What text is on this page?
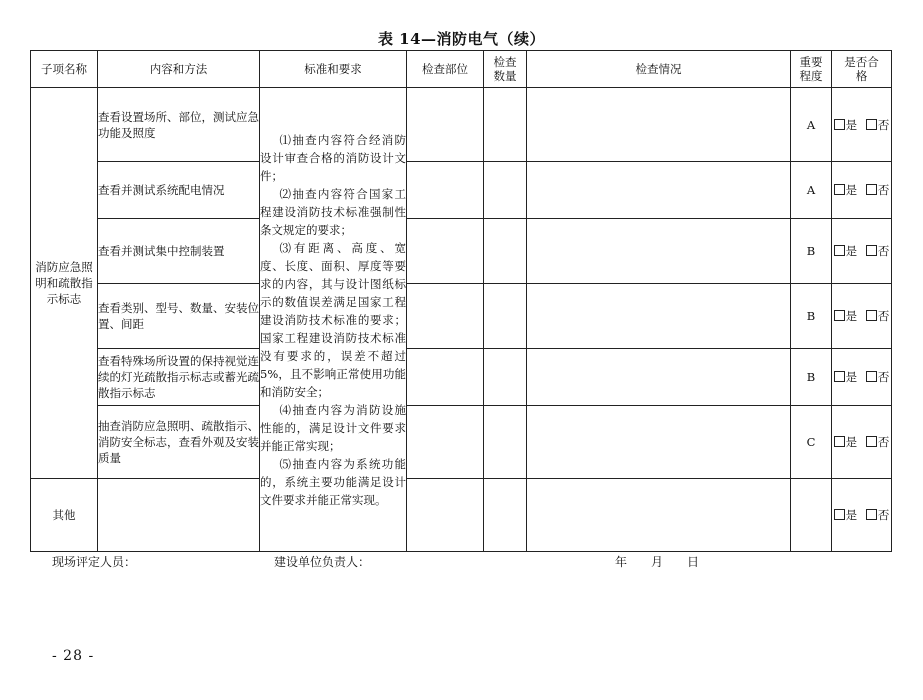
表 14—消防电气（续）
子项名称	内容和方法	标准和要求	检查部位	检查数量	检查情况	重要程度	是否合格
消防应急照明和疏散指示标志	查看设置场所、部位，测试应急功能及照度	⑴抽查内容符合经消防设计审查合格的消防设计文件；

⑵抽查内容符合国家工程建设消防技术标准强制性条文规定的要求；

⑶有距离、高度、宽度、长度、面积、厚度等要求的内容，其与设计图纸标示的数值误差满足国家工程建设消防技术标准的要求；国家工程建设消防技术标准没有要求的，误差不超过 5%，且不影响正常使用功能和消防安全；

⑷抽查内容为消防设施性能的，满足设计文件要求并能正常实现；

⑸抽查内容为系统功能的，系统主要功能满足设计文件要求并能正常实现。				A	是 否
	查看并测试系统配电情况					A	是 否
	查看并测试集中控制装置					B	是 否
	查看类别、型号、数量、安装位置、间距					B	是 否
	查看特殊场所设置的保持视觉连续的灯光疏散指示标志或蓄光疏散指示标志					B	是 否
	抽查消防应急照明、疏散指示、消防安全标志，查看外观及安装质量					C	是 否
其他							是 否
现场评定人员：	建设单位负责人：	年　　月　　日
- 28 -
